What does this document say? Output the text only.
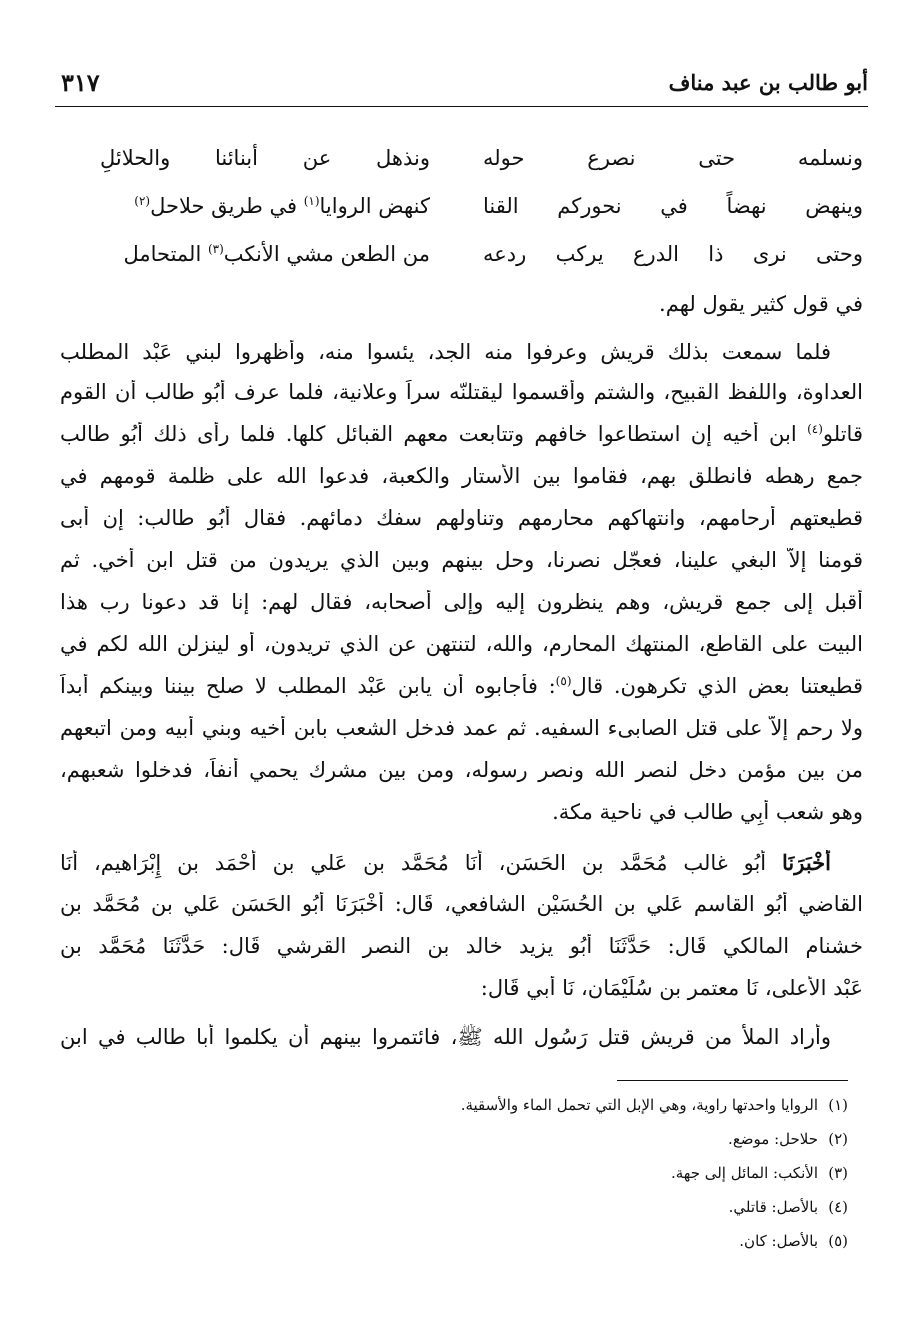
أبو طالب بن عبد مناف
٣١٧
ونسلمه حتى نصرع حوله
ونذهل عن أبنائنا والحلائلِ
وينهض نهضاً في نحوركم القنا
كنهض الروايا$^{(١)}$ في طريق حلاحل$^{(٢)}$
وحتى نرى ذا الدرع يركب ردعه
من الطعن مشي الأنكب$^{(٣)}$ المتحامل
في قول كثير يقول لهم.
فلما سمعت بذلك قريش وعرفوا منه الجد، يئسوا منه، وأظهروا لبني عَبْد المطلب
العداوة، واللفظ القبيح، والشتم وأقسموا ليقتلنّه سراً وعلانية، فلما عرف أَبُو طالب أن القوم
قاتلو$^{(٤)}$ ابن أخيه إن استطاعوا خافهم وتتابعت معهم القبائل كلها. فلما رأى ذلك أَبُو طالب
جمع رهطه فانطلق بهم، فقاموا بين الأستار والكعبة، فدعوا الله على ظلمة قومهم في
قطيعتهم أرحامهم، وانتهاكهم محارمهم وتناولهم سفك دمائهم. فقال أَبُو طالب: إن أبى
قومنا إلاّ البغي علينا، فعجّل نصرنا، وحل بينهم وبين الذي يريدون من قتل ابن أخي. ثم
أقبل إلى جمع قريش، وهم ينظرون إليه وإلى أصحابه، فقال لهم: إنا قد دعونا رب هذا
البيت على القاطع، المنتهك المحارم، والله، لتنتهن عن الذي تريدون، أو لينزلن الله لكم في
قطيعتنا بعض الذي تكرهون. قال$^{(٥)}$: فأجابوه أن يابن عَبْد المطلب لا صلح بيننا وبينكم أبداً
ولا رحم إلاّ على قتل الصابىء السفيه. ثم عمد فدخل الشعب بابن أخيه وبني أبيه ومن اتبعهم
من بين مؤمن دخل لنصر الله ونصر رسوله، ومن بين مشرك يحمي أنفاً، فدخلوا شعبهم،
وهو شعب أَبِي طالب في ناحية مكة.
أَخْبَرَنَا أَبُو غالب مُحَمَّد بن الحَسَن، أَنَا مُحَمَّد بن عَلي بن أَحْمَد بن إِبْرَاهيم، أَنَا
القاضي أَبُو القاسم عَلي بن الحُسَيْن الشافعي، قَال: أَخْبَرَنَا أَبُو الحَسَن عَلي بن مُحَمَّد بن
خشنام المالكي قَال: حَدَّثَنَا أَبُو يزيد خالد بن النصر القرشي قَال: حَدَّثَنَا مُحَمَّد بن
عَبْد الأعلى، نَا معتمر بن سُلَيْمَان، نَا أَبي قَال:
وأراد الملأ من قريش قتل رَسُول الله ﷺ، فائتمروا بينهم أن يكلموا أبا طالب في ابن
(١)الروايا واحدتها راوية، وهي الإبل التي تحمل الماء والأسقية.
(٢)حلاحل: موضع.
(٣)الأنكب: المائل إلى جهة.
(٤)بالأصل: قاتلي.
(٥)بالأصل: كان.
